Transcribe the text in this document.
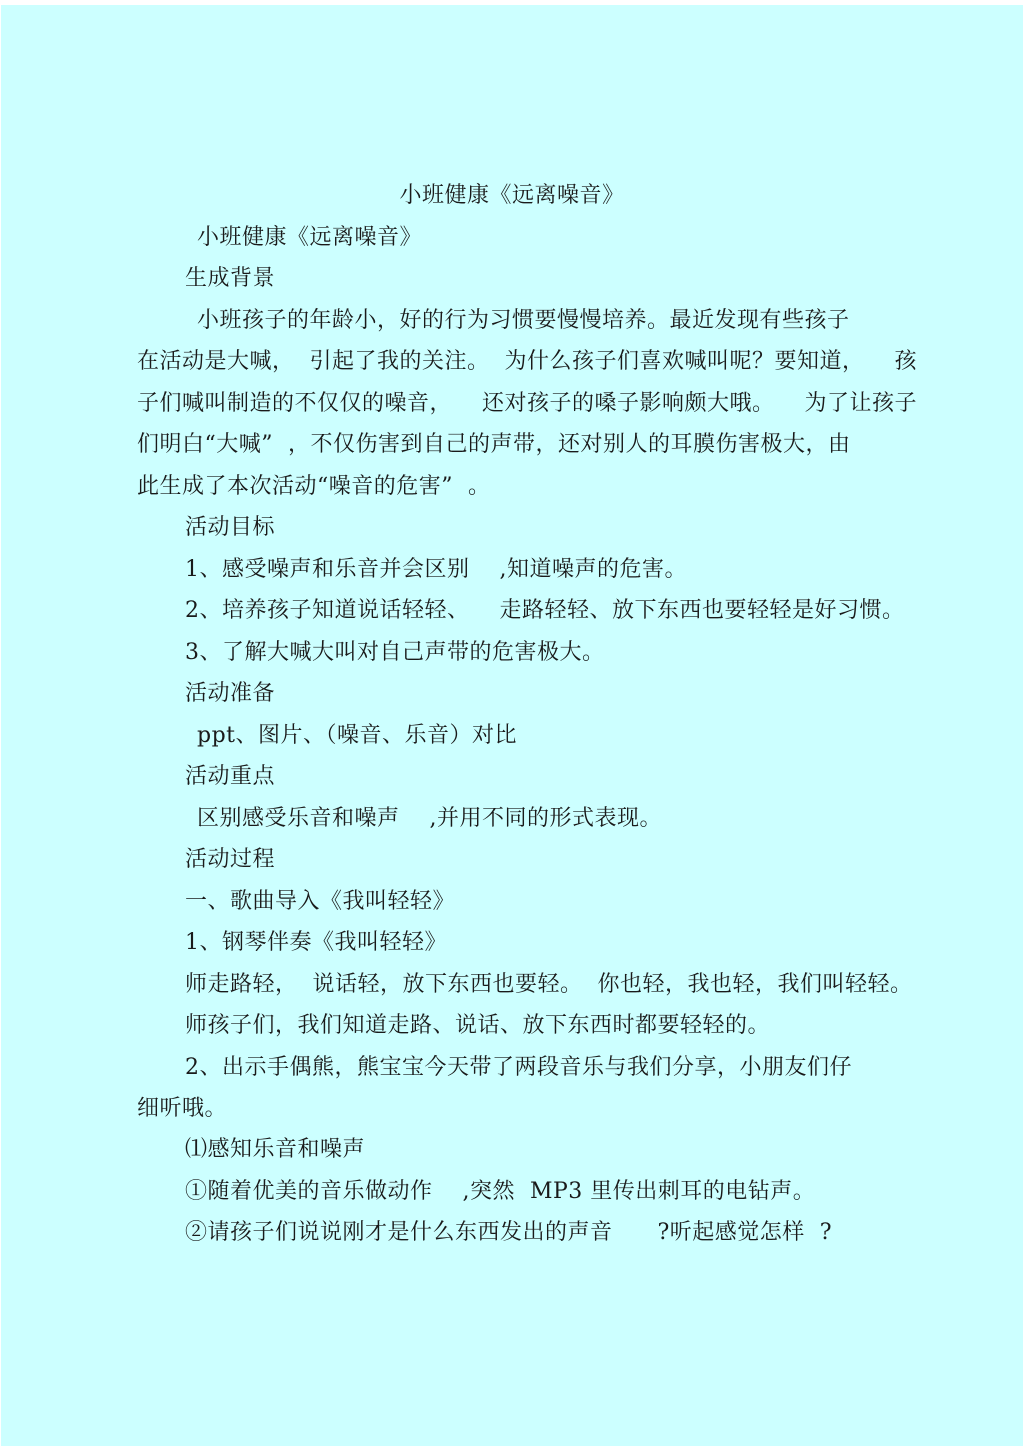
小班健康《远离噪音》
小班健康《远离噪音》
生成背景
小班孩子的年龄小，好的行为习惯要慢慢培养。最近发现有些孩子
在活动是大喊，  引起了我的关注。  为什么孩子们喜欢喊叫呢？要知道，    孩
子们喊叫制造的不仅仅的噪音，    还对孩子的嗓子影响颇大哦。    为了让孩子
们明白“大喊”  ，不仅伤害到自己的声带，还对别人的耳膜伤害极大，由
此生成了本次活动“噪音的危害”  。
活动目标
1、感受噪声和乐音并会区别    ,知道噪声的危害。
2、培养孩子知道说话轻轻、    走路轻轻、放下东西也要轻轻是好习惯。
3、了解大喊大叫对自己声带的危害极大。
活动准备
ppt、图片、（噪音、乐音）对比
活动重点
区别感受乐音和噪声    ,并用不同的形式表现。
活动过程
一、歌曲导入《我叫轻轻》
1、钢琴伴奏《我叫轻轻》
师走路轻，  说话轻，放下东西也要轻。  你也轻，我也轻，我们叫轻轻。
师孩子们，我们知道走路、说话、放下东西时都要轻轻的。
2、出示手偶熊，熊宝宝今天带了两段音乐与我们分享，小朋友们仔
细听哦。
⑴感知乐音和噪声
①随着优美的音乐做动作    ,突然  MP3 里传出刺耳的电钻声。
②请孩子们说说刚才是什么东西发出的声音      ?听起感觉怎样  ?
